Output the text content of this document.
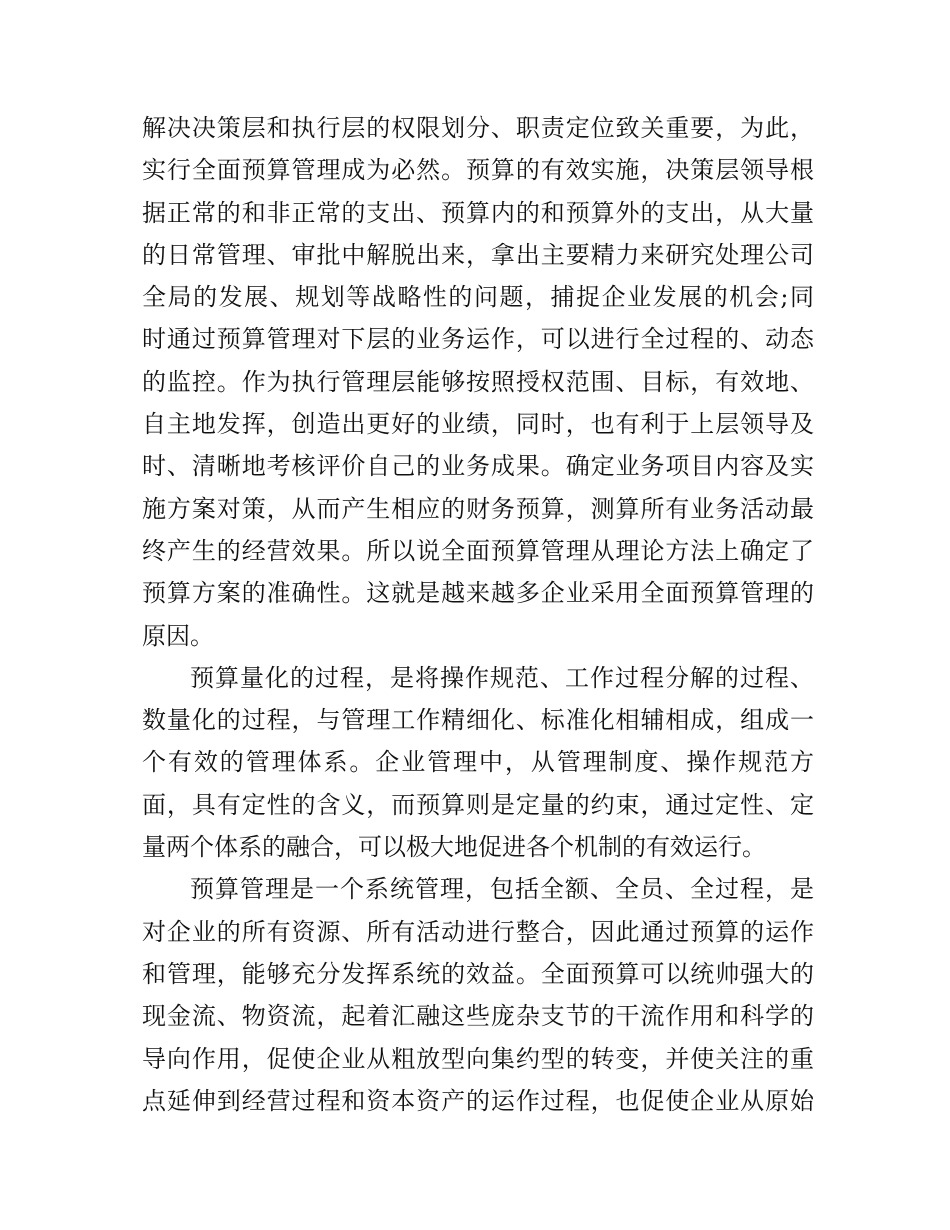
解决决策层和执行层的权限划分、职责定位致关重要，为此，
实行全面预算管理成为必然。预算的有效实施，决策层领导根
据正常的和非正常的支出、预算内的和预算外的支出，从大量
的日常管理、审批中解脱出来，拿出主要精力来研究处理公司
全局的发展、规划等战略性的问题，捕捉企业发展的机会;同
时通过预算管理对下层的业务运作，可以进行全过程的、动态
的监控。作为执行管理层能够按照授权范围、目标，有效地、
自主地发挥，创造出更好的业绩，同时，也有利于上层领导及
时、清晰地考核评价自己的业务成果。确定业务项目内容及实
施方案对策，从而产生相应的财务预算，测算所有业务活动最
终产生的经营效果。所以说全面预算管理从理论方法上确定了
预算方案的准确性。这就是越来越多企业采用全面预算管理的
原因。
预算量化的过程，是将操作规范、工作过程分解的过程、
数量化的过程，与管理工作精细化、标准化相辅相成，组成一
个有效的管理体系。企业管理中，从管理制度、操作规范方
面，具有定性的含义，而预算则是定量的约束，通过定性、定
量两个体系的融合，可以极大地促进各个机制的有效运行。
预算管理是一个系统管理，包括全额、全员、全过程，是
对企业的所有资源、所有活动进行整合，因此通过预算的运作
和管理，能够充分发挥系统的效益。全面预算可以统帅强大的
现金流、物资流，起着汇融这些庞杂支节的干流作用和科学的
导向作用，促使企业从粗放型向集约型的转变，并使关注的重
点延伸到经营过程和资本资产的运作过程，也促使企业从原始
